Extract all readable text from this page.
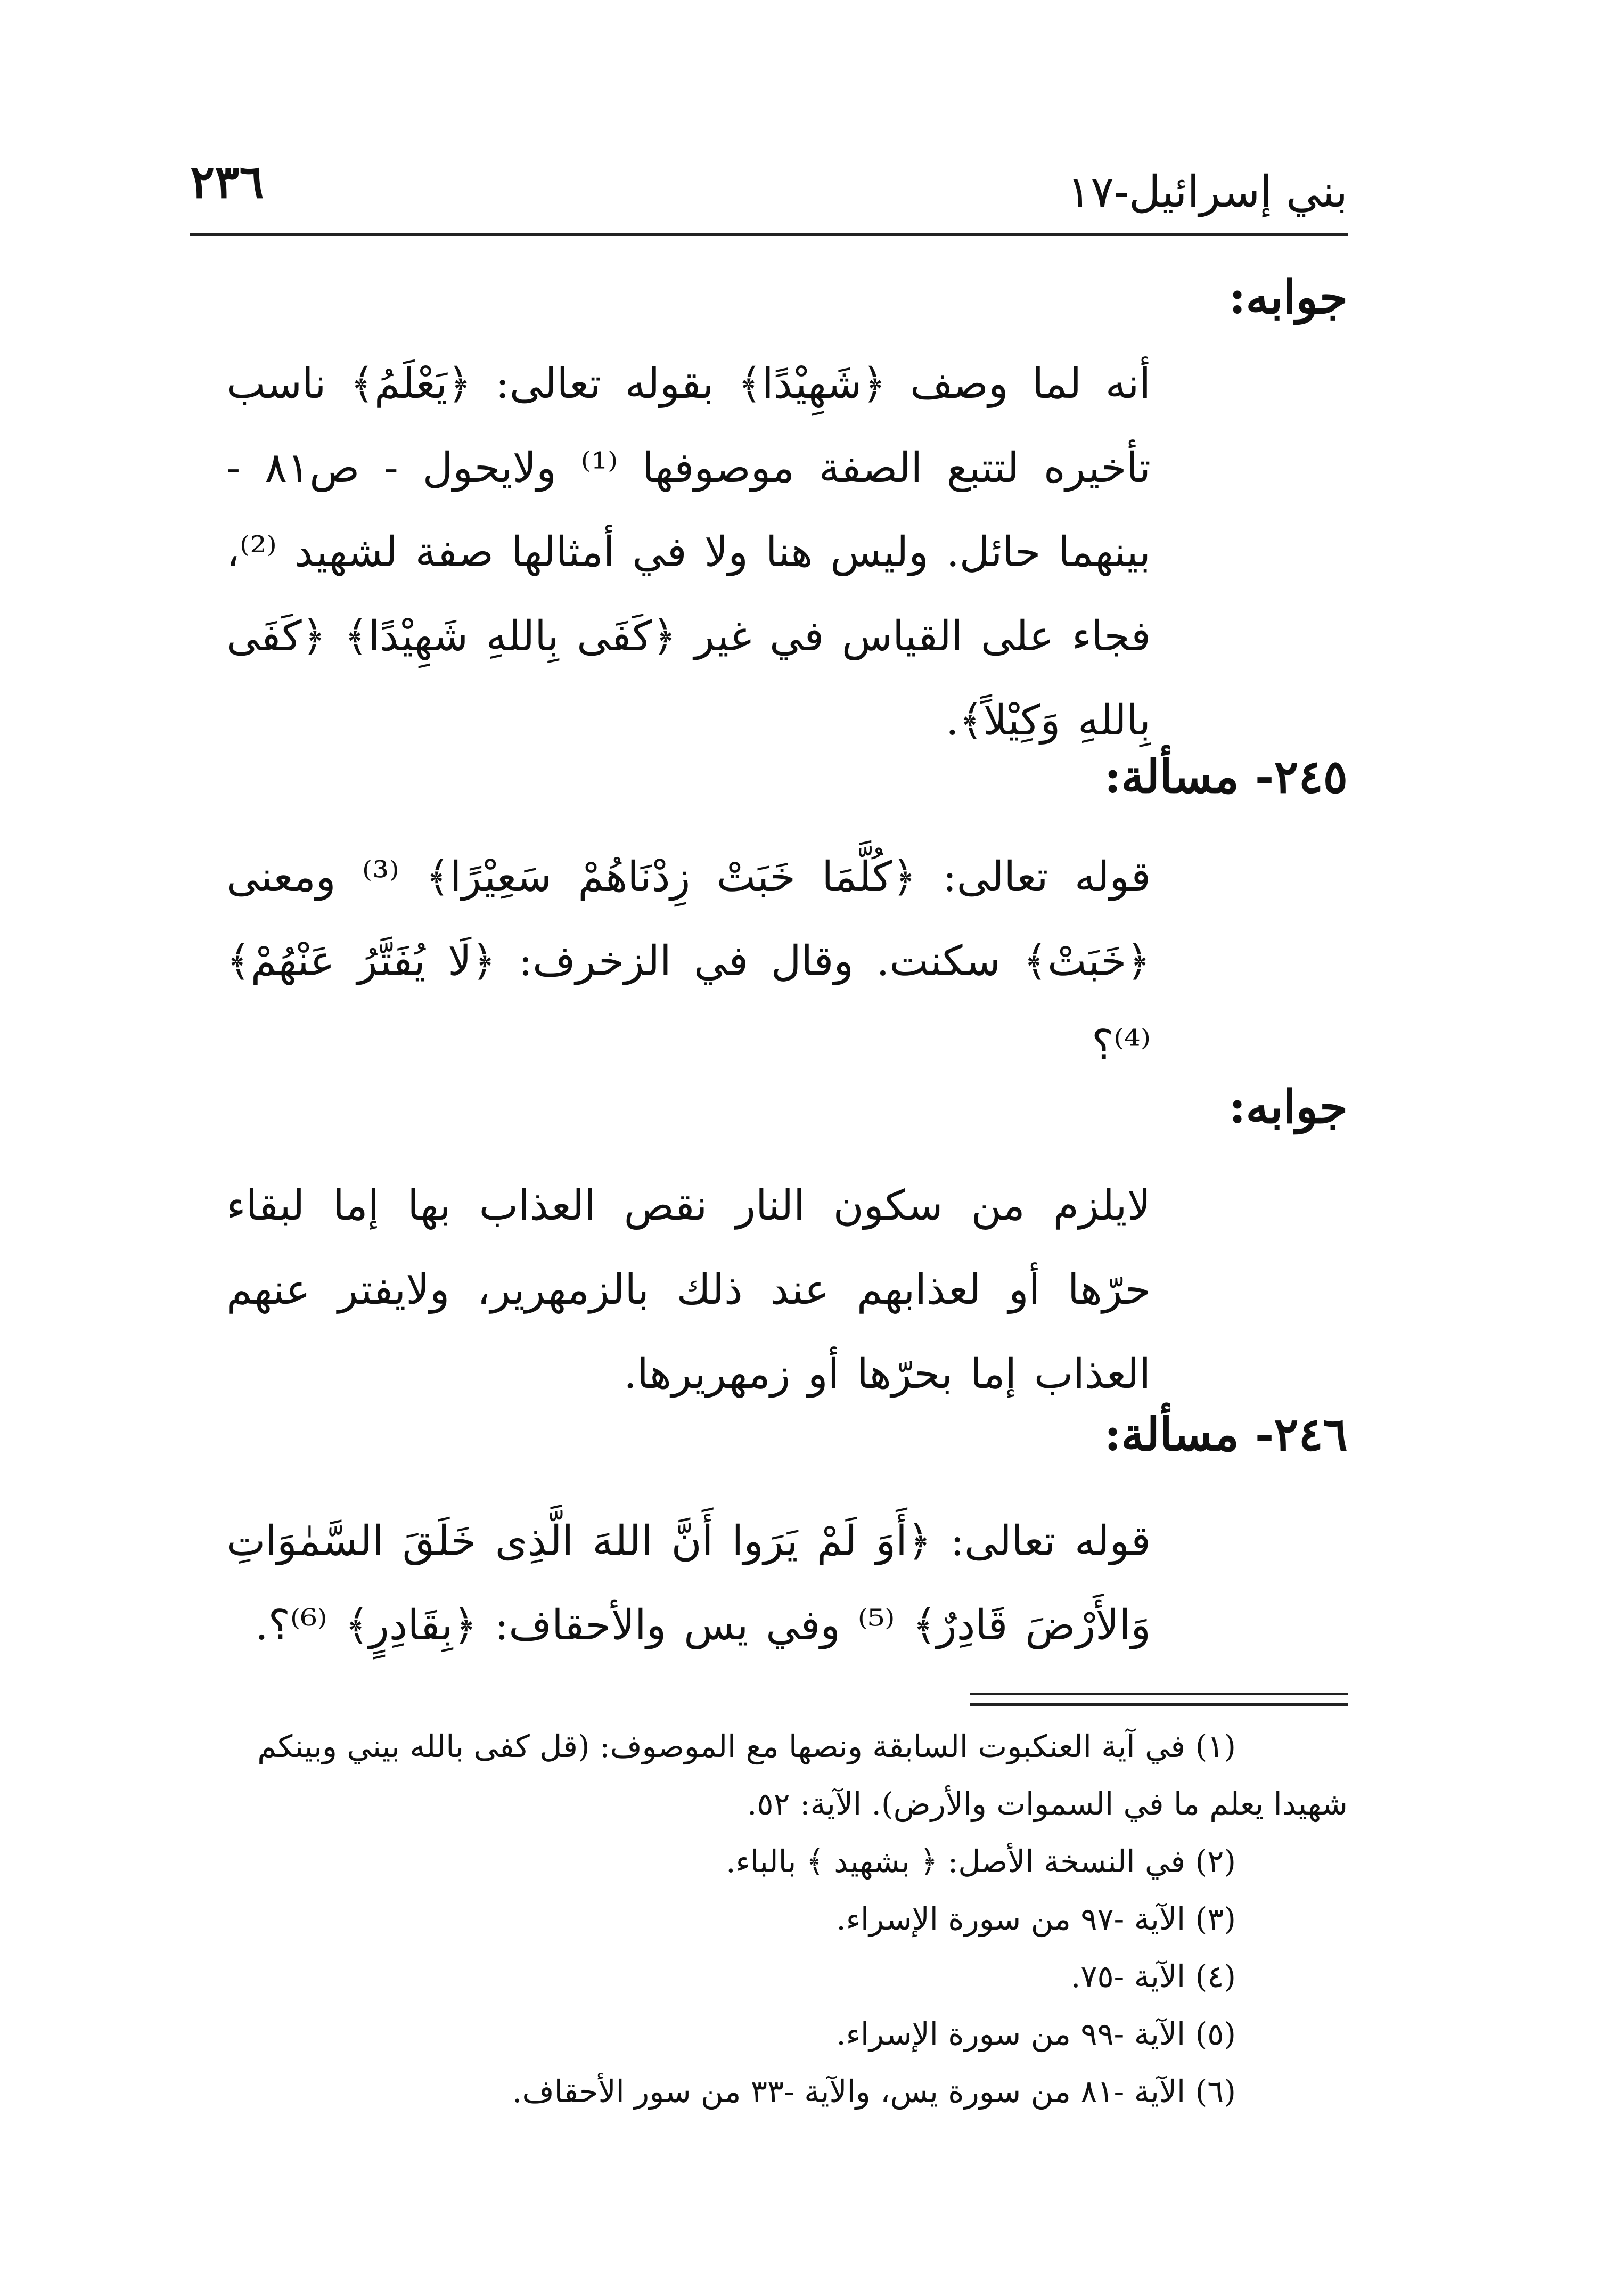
بني إسرائيل-١٧
٢٣٦
جوابه:
أنه لما وصف ﴿شَهِيْدًا﴾ بقوله تعالى: ﴿يَعْلَمُ﴾ ناسب تأخيره لتتبع الصفة موصوفها ⁽¹⁾ ولايحول - ص٨١ - بينهما حائل. وليس هنا ولا في أمثالها صفة لشهيد ⁽²⁾، فجاء على القياس في غير ﴿كَفَى بِاللهِ شَهِيْدًا﴾ ﴿كَفَى بِاللهِ وَكِيْلاً﴾.
٢٤٥- مسألة:
قوله تعالى: ﴿كُلَّمَا خَبَتْ زِدْنَاهُمْ سَعِيْرًا﴾ ⁽³⁾ ومعنى ﴿خَبَتْ﴾ سكنت. وقال في الزخرف: ﴿لَا يُفَتَّرُ عَنْهُمْ﴾ ⁽⁴⁾؟
جوابه:
لايلزم من سكون النار نقص العذاب بها إما لبقاء حرّها أو لعذابهم عند ذلك بالزمهرير، ولايفتر عنهم العذاب إما بحرّها أو زمهريرها.
٢٤٦- مسألة:
قوله تعالى: ﴿أَوَ لَمْ يَرَوا أَنَّ اللهَ الَّذِى خَلَقَ السَّمٰوَاتِ وَالأَرْضَ قَادِرٌ﴾ ⁽⁵⁾ وفي يس والأحقاف: ﴿بِقَادِرٍ﴾ ⁽⁶⁾؟.

(١) في آية العنكبوت السابقة ونصها مع الموصوف: (قل كفى بالله بيني وبينكم
شهيدا يعلم ما في السموات والأرض). الآية: ٥٢.

(٢) في النسخة الأصل: ﴿ بشهيد ﴾ بالباء.

(٣) الآية -٩٧ من سورة الإسراء.

(٤) الآية -٧٥.

(٥) الآية -٩٩ من سورة الإسراء.

(٦) الآية -٨١ من سورة يس، والآية -٣٣ من سور الأحقاف.
